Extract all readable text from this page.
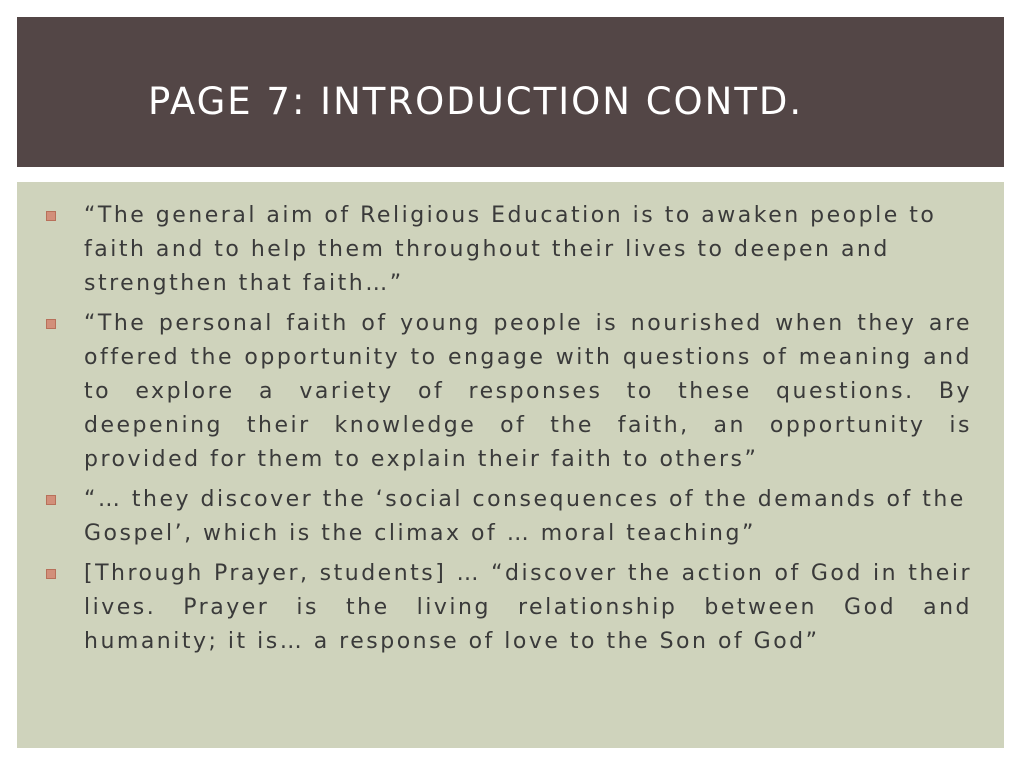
PAGE 7: INTRODUCTION CONTD.
“The general aim of Religious Education is to awaken people to faith and to help them throughout their lives to deepen and strengthen that faith…”
“The personal faith of young people is nourished when they are offered the opportunity to engage with questions of meaning and to explore a variety of responses to these questions. By deepening their knowledge of the faith, an opportunity is provided for them to explain their faith to others”
“… they discover the ‘social consequences of the demands of the Gospel’, which is the climax of … moral teaching”
[Through Prayer, students] … “discover the action of God in their lives. Prayer is the living relationship between God and humanity; it is… a response of love to the Son of God”
